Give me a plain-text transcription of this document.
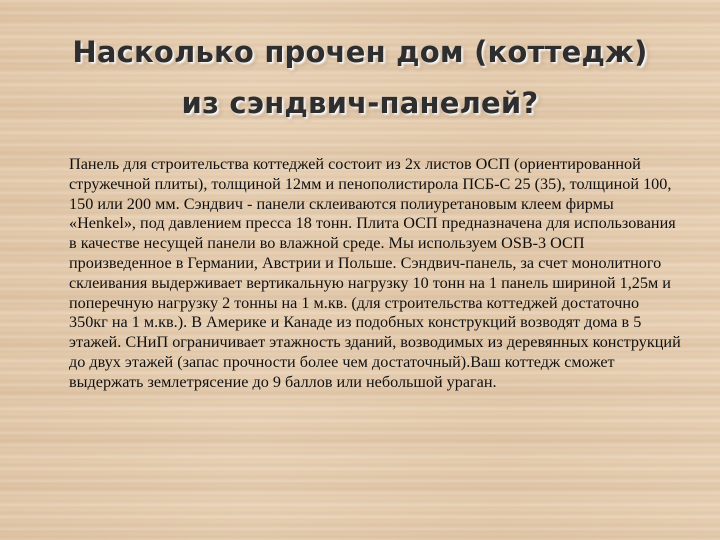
Насколько прочен дом (коттедж)
из сэндвич-панелей?

Панель для строительства коттеджей состоит из 2х листов ОСП (ориентированной стружечной плиты), толщиной 12мм и пенополистирола ПСБ-С 25 (35), толщиной 100, 150 или 200 мм. Сэндвич - панели склеиваются полиуретановым клеем фирмы «Henkel», под давлением пресса 18 тонн. Плита ОСП предназначена для использования в качестве несущей панели во влажной среде. Мы используем OSB-3 ОСП произведенное в Германии, Австрии и Польше. Сэндвич-панель, за счет монолитного склеивания выдерживает вертикальную нагрузку 10 тонн на 1 панель шириной 1,25м и поперечную нагрузку 2 тонны на 1 м.кв. (для строительства коттеджей достаточно 350кг на 1 м.кв.). В Америке и Канаде из подобных конструкций возводят дома в 5 этажей. СНиП ограничивает этажность зданий, возводимых из деревянных конструкций до двух этажей (запас прочности более чем достаточный).Ваш коттедж сможет выдержать землетрясение до 9 баллов или небольшой ураган.
